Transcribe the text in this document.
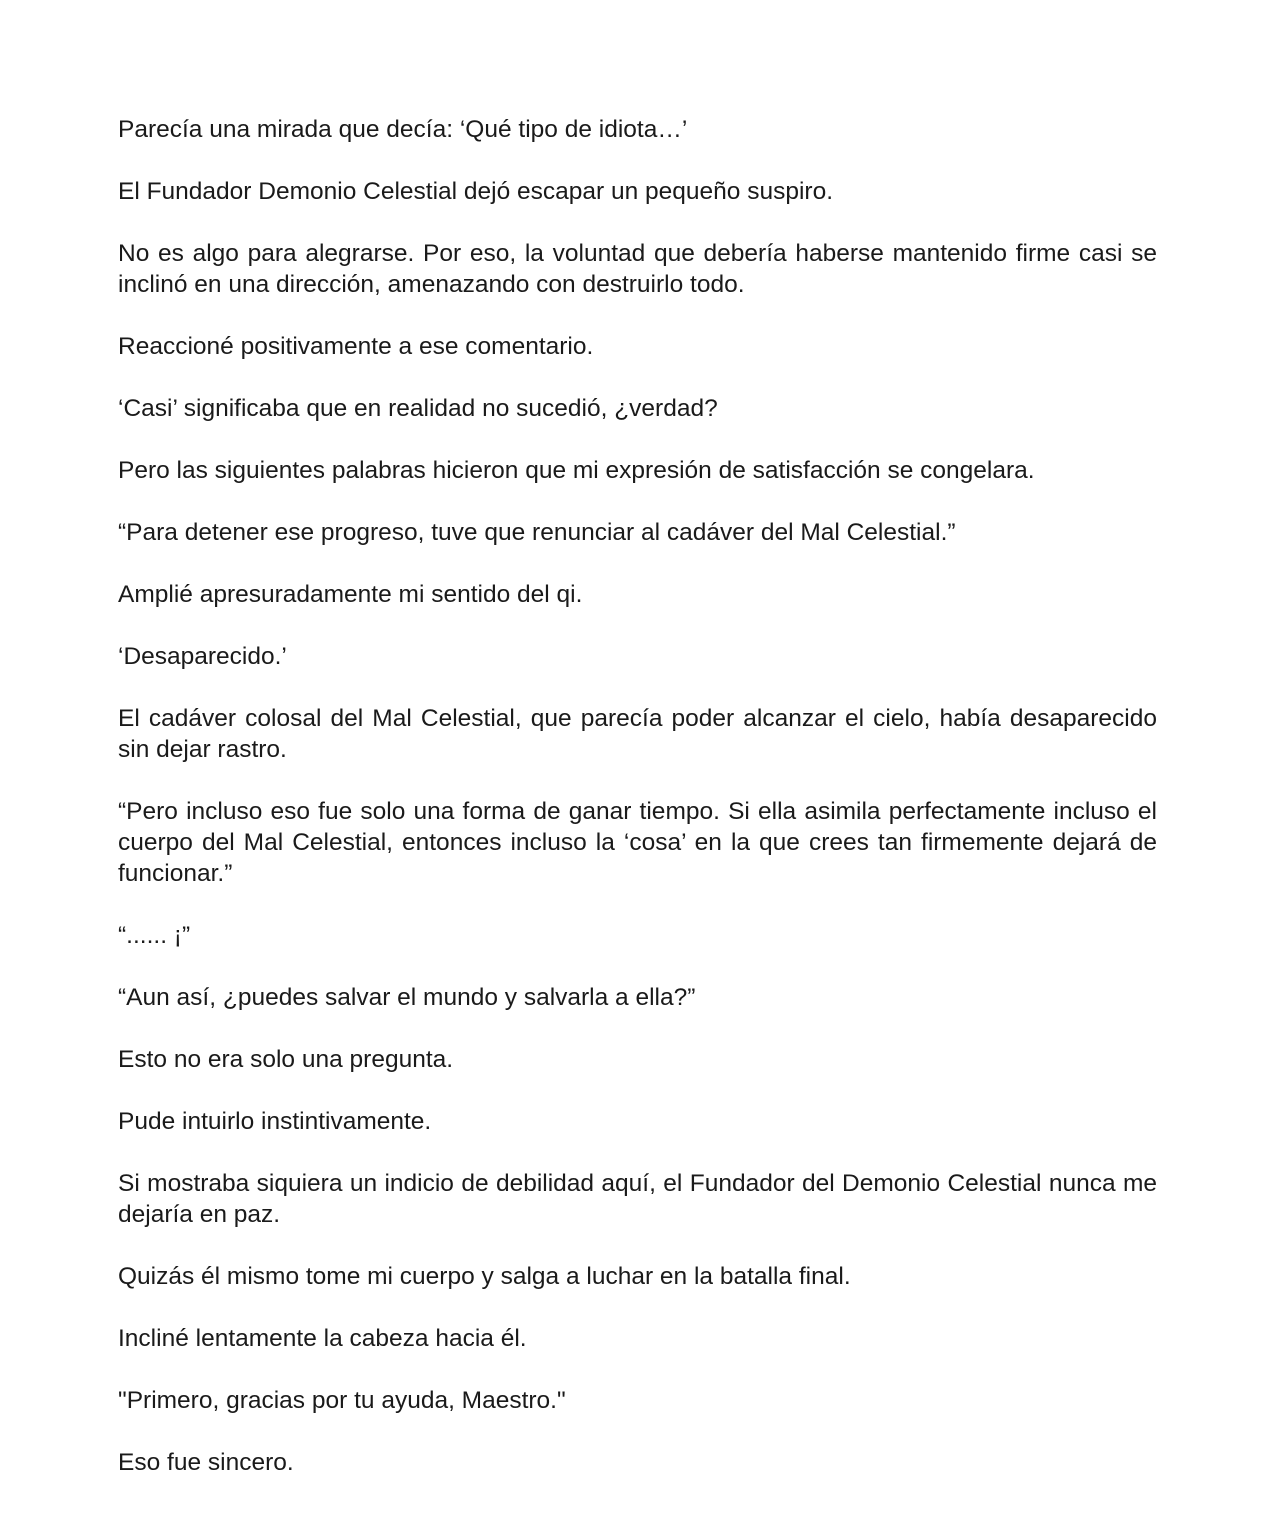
Parecía una mirada que decía: ‘Qué tipo de idiota…’

El Fundador Demonio Celestial dejó escapar un pequeño suspiro.

No es algo para alegrarse. Por eso, la voluntad que debería haberse mantenido firme casi se inclinó en una dirección, amenazando con destruirlo todo.

Reaccioné positivamente a ese comentario.

‘Casi’ significaba que en realidad no sucedió, ¿verdad?

Pero las siguientes palabras hicieron que mi expresión de satisfacción se congelara.

“Para detener ese progreso, tuve que renunciar al cadáver del Mal Celestial.”

Amplié apresuradamente mi sentido del qi.

‘Desaparecido.’

El cadáver colosal del Mal Celestial, que parecía poder alcanzar el cielo, había desaparecido sin dejar rastro.

“Pero incluso eso fue solo una forma de ganar tiempo. Si ella asimila perfectamente incluso el cuerpo del Mal Celestial, entonces incluso la ‘cosa’ en la que crees tan firmemente dejará de funcionar.”

“...... ¡”

“Aun así, ¿puedes salvar el mundo y salvarla a ella?”

Esto no era solo una pregunta.

Pude intuirlo instintivamente.

Si mostraba siquiera un indicio de debilidad aquí, el Fundador del Demonio Celestial nunca me dejaría en paz.

Quizás él mismo tome mi cuerpo y salga a luchar en la batalla final.

Incliné lentamente la cabeza hacia él.

"Primero, gracias por tu ayuda, Maestro."

Eso fue sincero.
